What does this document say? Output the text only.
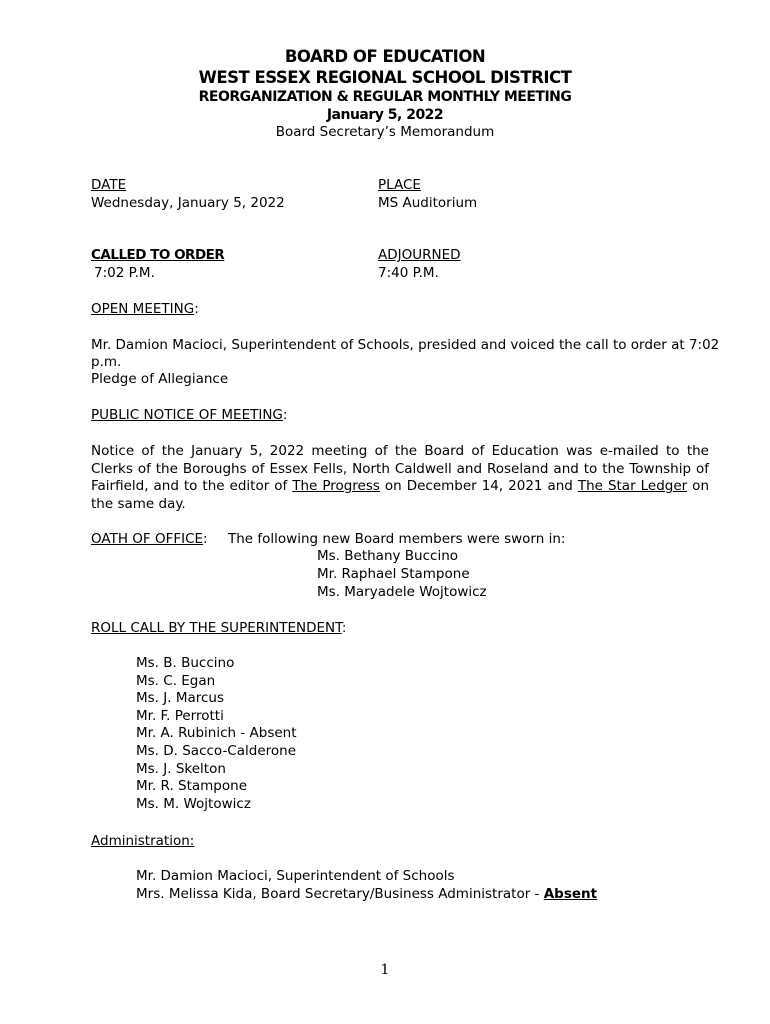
BOARD OF EDUCATION
WEST ESSEX REGIONAL SCHOOL DISTRICT
REORGANIZATION & REGULAR MONTHLY MEETING
January 5, 2022
Board Secretary’s Memorandum
DATE
Wednesday, January 5, 2022
PLACE
MS Auditorium
CALLED TO ORDER
7:02 P.M.
ADJOURNED
7:40 P.M.
OPEN MEETING:
Mr. Damion Macioci, Superintendent of Schools, presided and voiced the call to order at 7:02
p.m.
Pledge of Allegiance
PUBLIC NOTICE OF MEETING:
Notice of the January 5, 2022 meeting of the Board of Education was e-mailed to the Clerks of the Boroughs of Essex Fells, North Caldwell and Roseland and to the Township of Fairfield, and to the editor of The Progress on December 14, 2021 and The Star Ledger on the same day.
OATH OF OFFICE: The following new Board members were sworn in:
Ms. Bethany Buccino
Mr. Raphael Stampone
Ms. Maryadele Wojtowicz
ROLL CALL BY THE SUPERINTENDENT:
Ms. B. Buccino
Ms. C. Egan
Ms. J. Marcus
Mr. F. Perrotti
Mr. A. Rubinich - Absent
Ms. D. Sacco-Calderone
Ms. J. Skelton
Mr. R. Stampone
Ms. M. Wojtowicz
Administration:
Mr. Damion Macioci, Superintendent of Schools
Mrs. Melissa Kida, Board Secretary/Business Administrator - Absent
1
